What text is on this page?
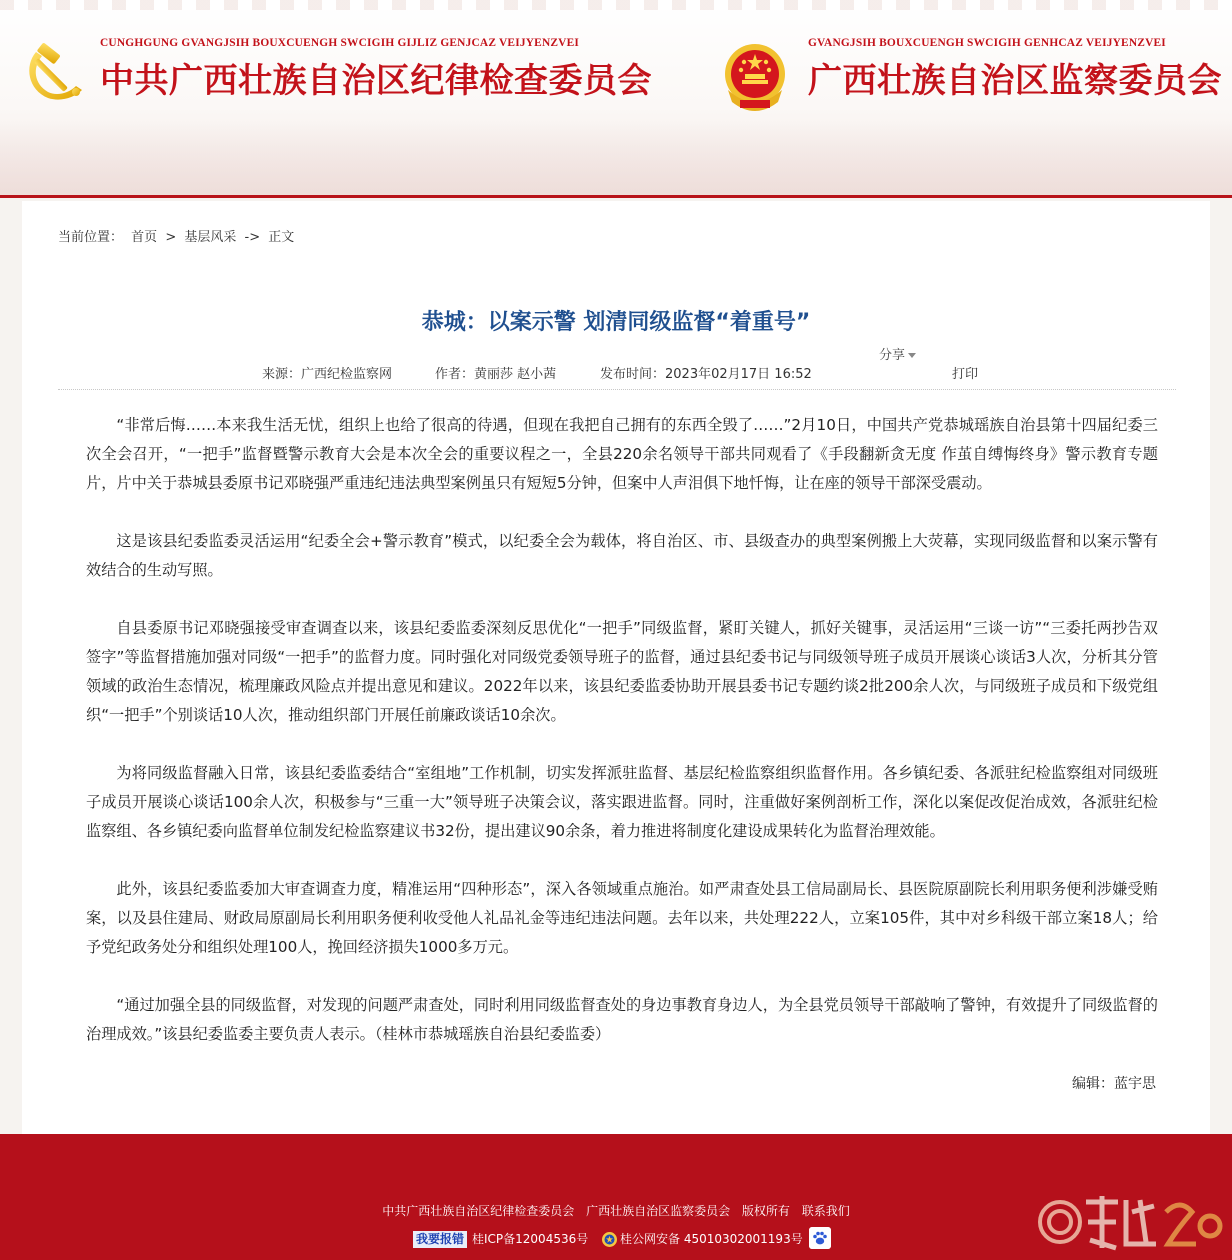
CUNGHGUNG GVANGJSIH BOUXCUENGH SWCIGIH GIJLIZ GENJCAZ VEIJYENZVEI
中共广西壮族自治区纪律检查委员会
GVANGJSIH BOUXCUENGH SWCIGIH GENHCAZ VEIJYENZVEI
广西壮族自治区监察委员会
当前位置： 首页 > 基层风采 -> 正文
恭城：以案示警 划清同级监督“着重号”
分享
来源：广西纪检监察网	作者：黄丽莎 赵小茜	发布时间：2023年02月17日 16:52	打印

“非常后悔……本来我生活无忧，组织上也给了很高的待遇，但现在我把自己拥有的东西全毁了……”2月10日，中国共产党恭城瑶族自治县第十四届纪委三次全会召开，“一把手”监督暨警示教育大会是本次全会的重要议程之一，全县220余名领导干部共同观看了《手段翻新贪无度 作茧自缚悔终身》警示教育专题片，片中关于恭城县委原书记邓晓强严重违纪违法典型案例虽只有短短5分钟，但案中人声泪俱下地忏悔，让在座的领导干部深受震动。

这是该县纪委监委灵活运用“纪委全会+警示教育”模式，以纪委全会为载体，将自治区、市、县级查办的典型案例搬上大荧幕，实现同级监督和以案示警有效结合的生动写照。

自县委原书记邓晓强接受审查调查以来，该县纪委监委深刻反思优化“一把手”同级监督，紧盯关键人，抓好关键事，灵活运用“三谈一访”“三委托两抄告双签字”等监督措施加强对同级“一把手”的监督力度。同时强化对同级党委领导班子的监督，通过县纪委书记与同级领导班子成员开展谈心谈话3人次，分析其分管领域的政治生态情况，梳理廉政风险点并提出意见和建议。2022年以来，该县纪委监委协助开展县委书记专题约谈2批200余人次，与同级班子成员和下级党组织“一把手”个别谈话10人次，推动组织部门开展任前廉政谈话10余次。

为将同级监督融入日常，该县纪委监委结合“室组地”工作机制，切实发挥派驻监督、基层纪检监察组织监督作用。各乡镇纪委、各派驻纪检监察组对同级班子成员开展谈心谈话100余人次，积极参与“三重一大”领导班子决策会议，落实跟进监督。同时，注重做好案例剖析工作，深化以案促改促治成效，各派驻纪检监察组、各乡镇纪委向监督单位制发纪检监察建议书32份，提出建议90余条，着力推进将制度化建设成果转化为监督治理效能。

此外，该县纪委监委加大审查调查力度，精准运用“四种形态”，深入各领域重点施治。如严肃查处县工信局副局长、县医院原副院长利用职务便利涉嫌受贿案，以及县住建局、财政局原副局长利用职务便利收受他人礼品礼金等违纪违法问题。去年以来，共处理222人，立案105件，其中对乡科级干部立案18人；给予党纪政务处分和组织处理100人，挽回经济损失1000多万元。

“通过加强全县的同级监督，对发现的问题严肃查处，同时利用同级监督查处的身边事教育身边人，为全县党员领导干部敲响了警钟，有效提升了同级监督的治理成效。”该县纪委监委主要负责人表示。（桂林市恭城瑶族自治县纪委监委）

编辑：蓝宇思
中共广西壮族自治区纪律检查委员会 广西壮族自治区监察委员会 版权所有 联系我们
我要报错 桂ICP备12004536号	桂公网安备 45010302001193号
